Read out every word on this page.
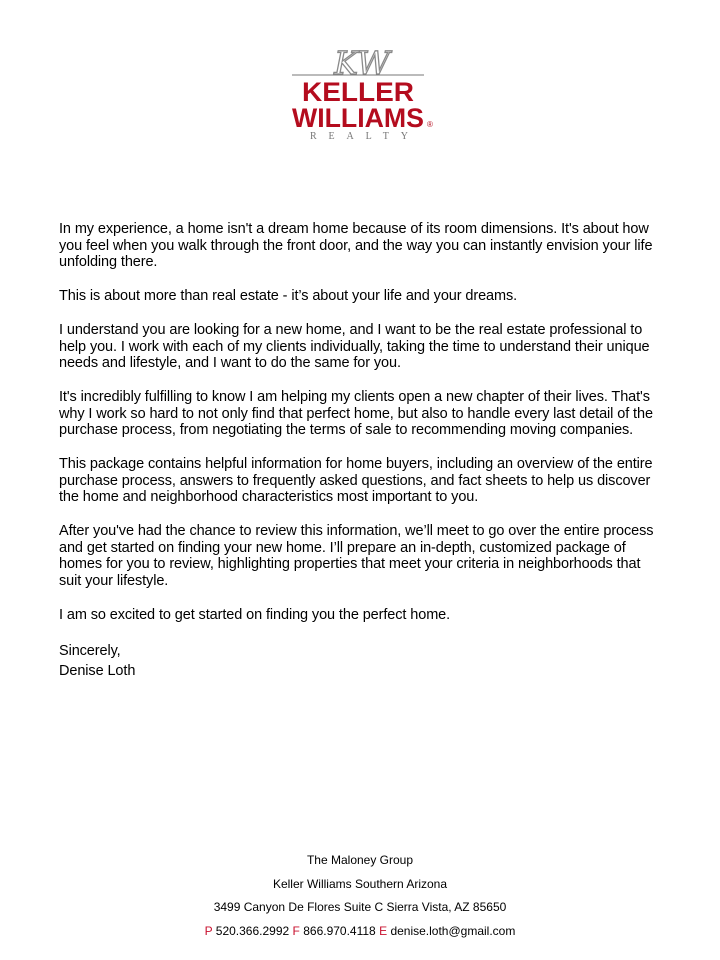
KW
KELLER
WILLIAMS ®
REALTY

In my experience, a home isn't a dream home because of its room dimensions. It's about how you feel when you walk through the front door, and the way you can instantly envision your life unfolding there.

This is about more than real estate - it’s about your life and your dreams.

I understand you are looking for a new home, and I want to be the real estate professional to help you. I work with each of my clients individually, taking the time to understand their unique needs and lifestyle, and I want to do the same for you.

It's incredibly fulfilling to know I am helping my clients open a new chapter of their lives. That's why I work so hard to not only find that perfect home, but also to handle every last detail of the purchase process, from negotiating the terms of sale to recommending moving companies.

This package contains helpful information for home buyers, including an overview of the entire purchase process, answers to frequently asked questions, and fact sheets to help us discover the home and neighborhood characteristics most important to you.

After you've had the chance to review this information, we’ll meet to go over the entire process and get started on finding your new home. I’ll prepare an in-depth, customized package of homes for you to review, highlighting properties that meet your criteria in neighborhoods that suit your lifestyle.

I am so excited to get started on finding you the perfect home.

Sincerely,
Denise Loth
The Maloney Group
Keller Williams Southern Arizona
3499 Canyon De Flores Suite C Sierra Vista, AZ 85650
P 520.366.2992 F 866.970.4118 E denise.loth@gmail.com
